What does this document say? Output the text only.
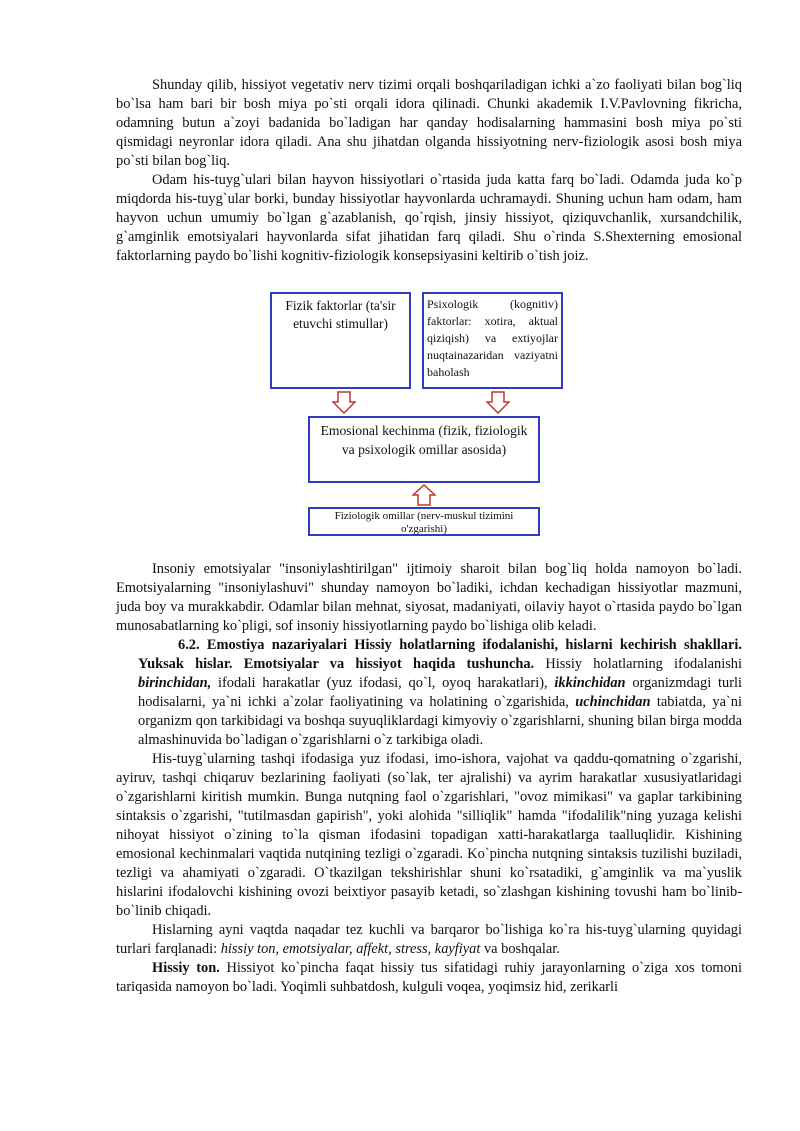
Shunday qilib, hissiyot vegetativ nerv tizimi orqali boshqariladigan ichki a`zo faoliyati bilan bog`liq bo`lsa ham bari bir bosh miya po`sti orqali idora qilinadi. Chunki akademik I.V.Pavlovning fikricha, odamning butun a`zoyi badanida bo`ladigan har qanday hodisalarning hammasini bosh miya po`sti qismidagi neyronlar idora qiladi. Ana shu jihatdan olganda hissiyotning nerv-fiziologik asosi bosh miya po`sti bilan bog`liq.

Odam his-tuyg`ulari bilan hayvon hissiyotlari o`rtasida juda katta farq bo`ladi. Odamda juda ko`p miqdorda his-tuyg`ular borki, bunday hissiyotlar hayvonlarda uchramaydi. Shuning uchun ham odam, ham hayvon uchun umumiy bo`lgan g`azablanish, qo`rqish, jinsiy hissiyot, qiziquvchanlik, xursandchilik, g`amginlik emotsiyalari hayvonlarda sifat jihatidan farq qiladi. Shu o`rinda S.Shexterning emosional faktorlarning paydo bo`lishi kognitiv-fiziologik konsepsiyasini keltirib o`tish joiz.

Fizik faktorlar (ta'sir etuvchi stimullar)
Psixologik (kognitiv) faktorlar: xotira, aktual qiziqish) va extiyojlar nuqtainazaridan vaziyatni baholash
Emosional kechinma (fizik, fiziologik va psixologik omillar asosida)
Fiziologik omillar (nerv-muskul tizimini o'zgarishi)

Insoniy emotsiyalar "insoniylashtirilgan" ijtimoiy sharoit bilan bog`liq holda namoyon bo`ladi. Emotsiyalarning "insoniylashuvi" shunday namoyon bo`ladiki, ichdan kechadigan hissiyotlar mazmuni, juda boy va murakkabdir. Odamlar bilan mehnat, siyosat, madaniyati, oilaviy hayot o`rtasida paydo bo`lgan munosabatlarning ko`pligi, sof insoniy hissiyotlarning paydo bo`lishiga olib keladi.

6.2. Emostiya nazariyalari Hissiy holatlarning ifodalanishi, hislarni kechirish shakllari. Yuksak hislar. Emotsiyalar va hissiyot haqida tushuncha. Hissiy holatlarning ifodalanishi birinchidan, ifodali harakatlar (yuz ifodasi, qo`l, oyoq harakatlari), ikkinchidan organizmdagi turli hodisalarni, ya`ni ichki a`zolar faoliyatining va holatining o`zgarishida, uchinchidan tabiatda, ya`ni organizm qon tarkibidagi va boshqa suyuqliklardagi kimyoviy o`zgarishlarni, shuning bilan birga modda almashinuvida bo`ladigan o`zgarishlarni o`z tarkibiga oladi.

His-tuyg`ularning tashqi ifodasiga yuz ifodasi, imo-ishora, vajohat va qaddu-qomatning o`zgarishi, ayiruv, tashqi chiqaruv bezlarining faoliyati (so`lak, ter ajralishi) va ayrim harakatlar xususiyatlaridagi o`zgarishlarni kiritish mumkin. Bunga nutqning faol o`zgarishlari, "ovoz mimikasi" va gaplar tarkibining sintaksis o`zgarishi, "tutilmasdan gapirish", yoki alohida "silliqlik" hamda "ifodalilik"ning yuzaga kelishi nihoyat hissiyot o`zining to`la qisman ifodasini topadigan xatti-harakatlarga taalluqlidir. Kishining emosional kechinmalari vaqtida nutqining tezligi o`zgaradi. Ko`pincha nutqning sintaksis tuzilishi buziladi, tezligi va ahamiyati o`zgaradi. O`tkazilgan tekshirishlar shuni ko`rsatadiki, g`amginlik va ma`yuslik hislarini ifodalovchi kishining ovozi beixtiyor pasayib ketadi, so`zlashgan kishining tovushi ham bo`linib-bo`linib chiqadi.

Hislarning ayni vaqtda naqadar tez kuchli va barqaror bo`lishiga ko`ra his-tuyg`ularning quyidagi turlari farqlanadi: hissiy ton, emotsiyalar, affekt, stress, kayfiyat va boshqalar.

Hissiy ton. Hissiyot ko`pincha faqat hissiy tus sifatidagi ruhiy jarayonlarning o`ziga xos tomoni tariqasida namoyon bo`ladi. Yoqimli suhbatdosh, kulguli voqea, yoqimsiz hid, zerikarli
